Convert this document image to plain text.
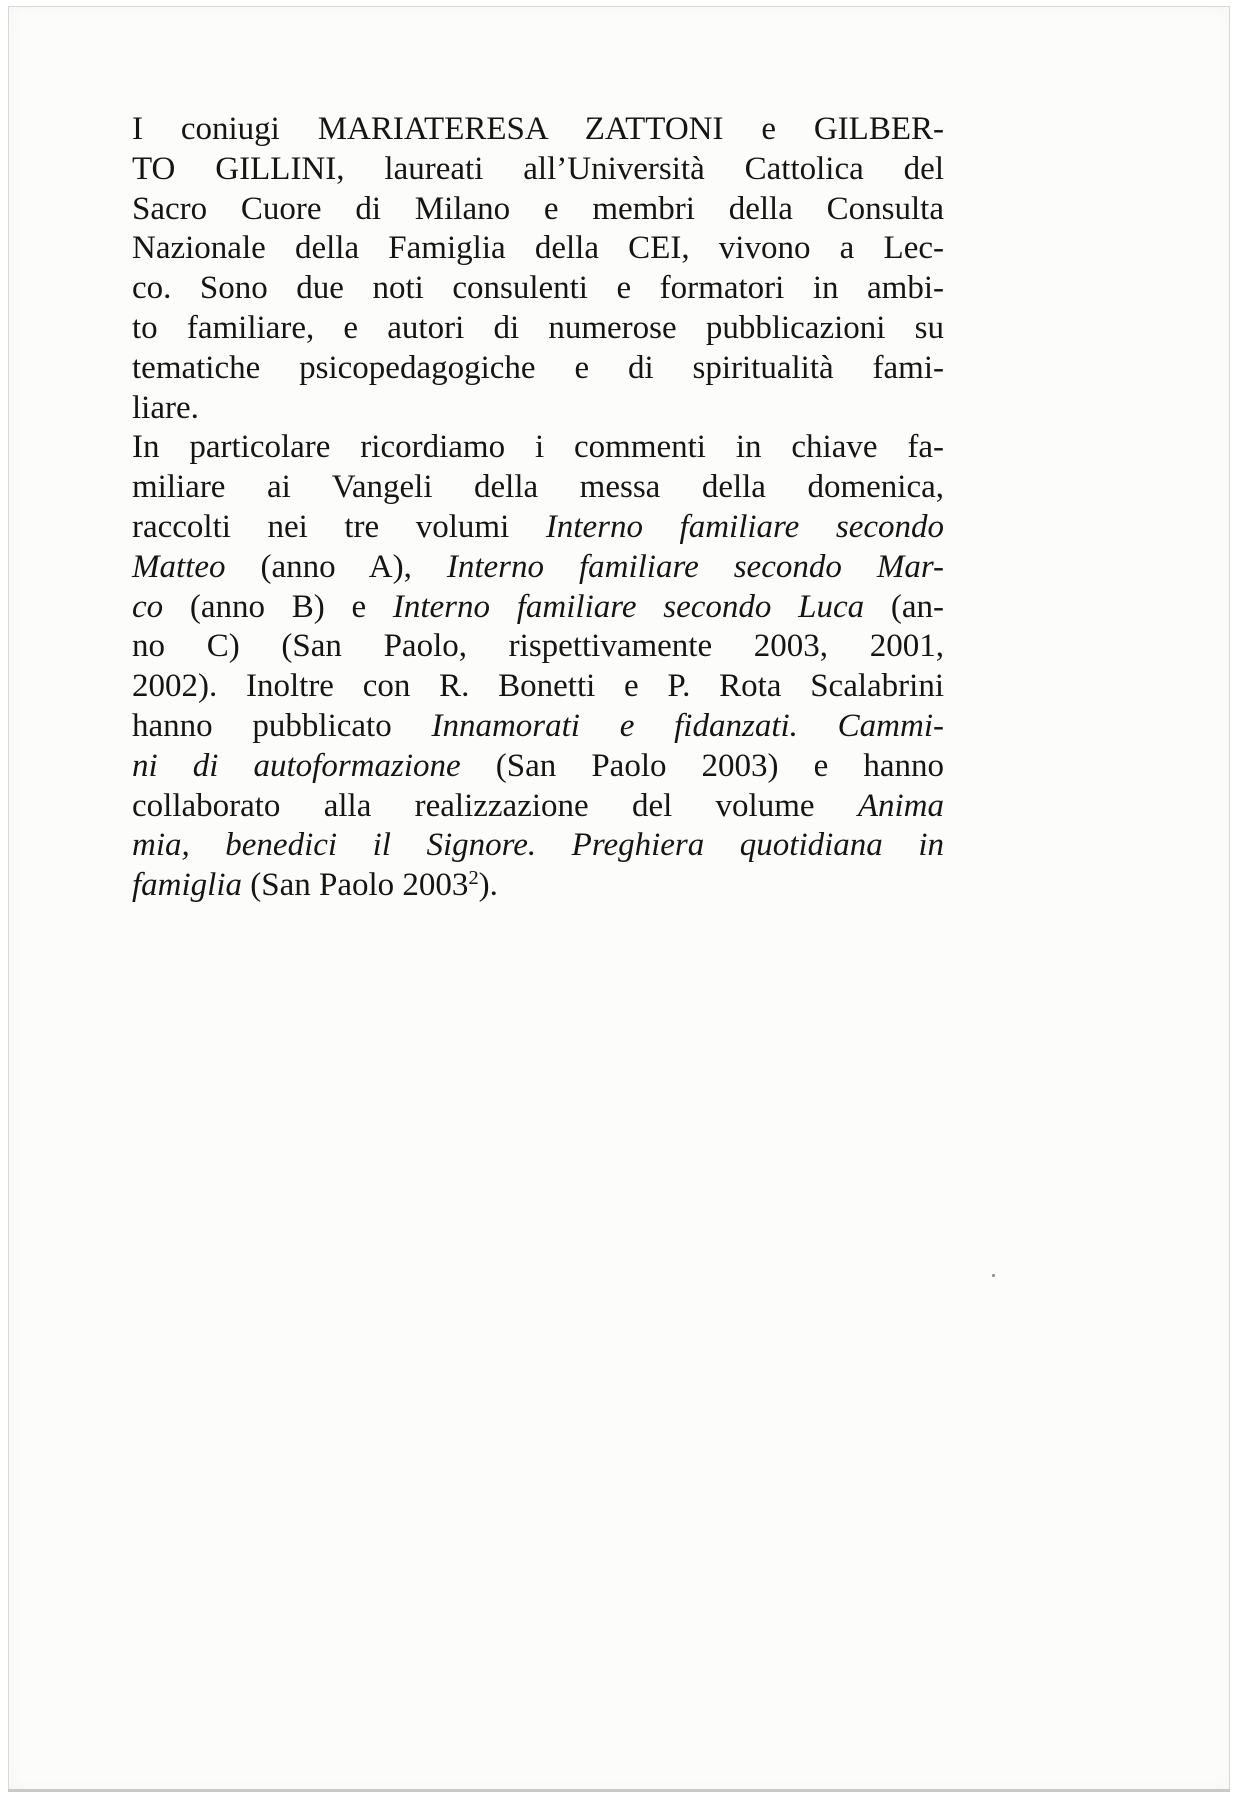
I coniugi MARIATERESA ZATTONI e GILBER-
TO GILLINI, laureati all’Università Cattolica del
Sacro Cuore di Milano e membri della Consulta
Nazionale della Famiglia della CEI, vivono a Lec-
co. Sono due noti consulenti e formatori in ambi-
to familiare, e autori di numerose pubblicazioni su
tematiche psicopedagogiche e di spiritualità fami-
liare.
In particolare ricordiamo i commenti in chiave fa-
miliare ai Vangeli della messa della domenica,
raccolti nei tre volumi Interno familiare secondo
Matteo (anno A), Interno familiare secondo Mar-
co (anno B) e Interno familiare secondo Luca (an-
no C) (San Paolo, rispettivamente 2003, 2001,
2002). Inoltre con R. Bonetti e P. Rota Scalabrini
hanno pubblicato Innamorati e fidanzati. Cammi-
ni di autoformazione (San Paolo 2003) e hanno
collaborato alla realizzazione del volume Anima
mia, benedici il Signore. Preghiera quotidiana in
famiglia (San Paolo 2003$^2$).
